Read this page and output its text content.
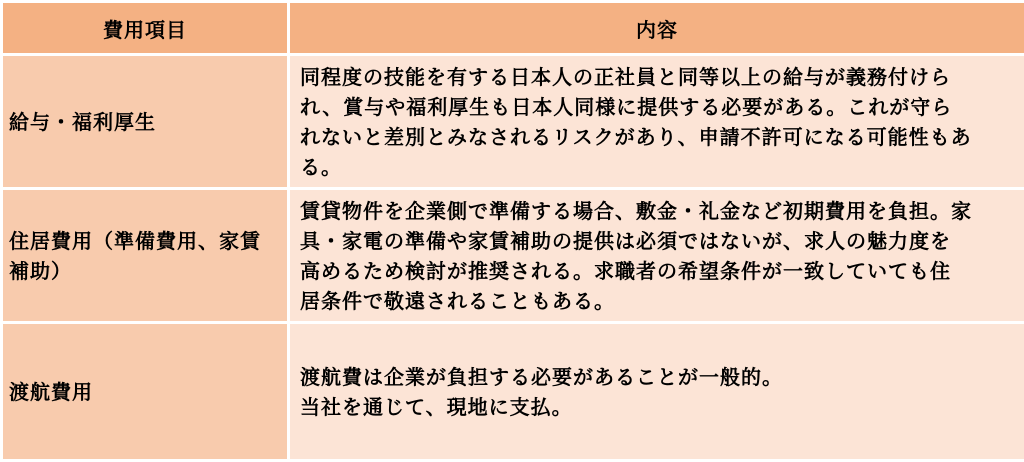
費用項目	内容
給与・福利厚生	同程度の技能を有する日本人の正社員と同等以上の給与が義務付けら
れ、賞与や福利厚生も日本人同様に提供する必要がある。これが守ら
れないと差別とみなされるリスクがあり、申請不許可になる可能性もあ
る。

住居費用（準備費用、家賃補助）	賃貸物件を企業側で準備する場合、敷金・礼金など初期費用を負担。家
具・家電の準備や家賃補助の提供は必須ではないが、求人の魅力度を
高めるため検討が推奨される。求職者の希望条件が一致していても住
居条件で敬遠されることもある。

渡航費用	渡航費は企業が負担する必要があることが一般的。
当社を通じて、現地に支払。
